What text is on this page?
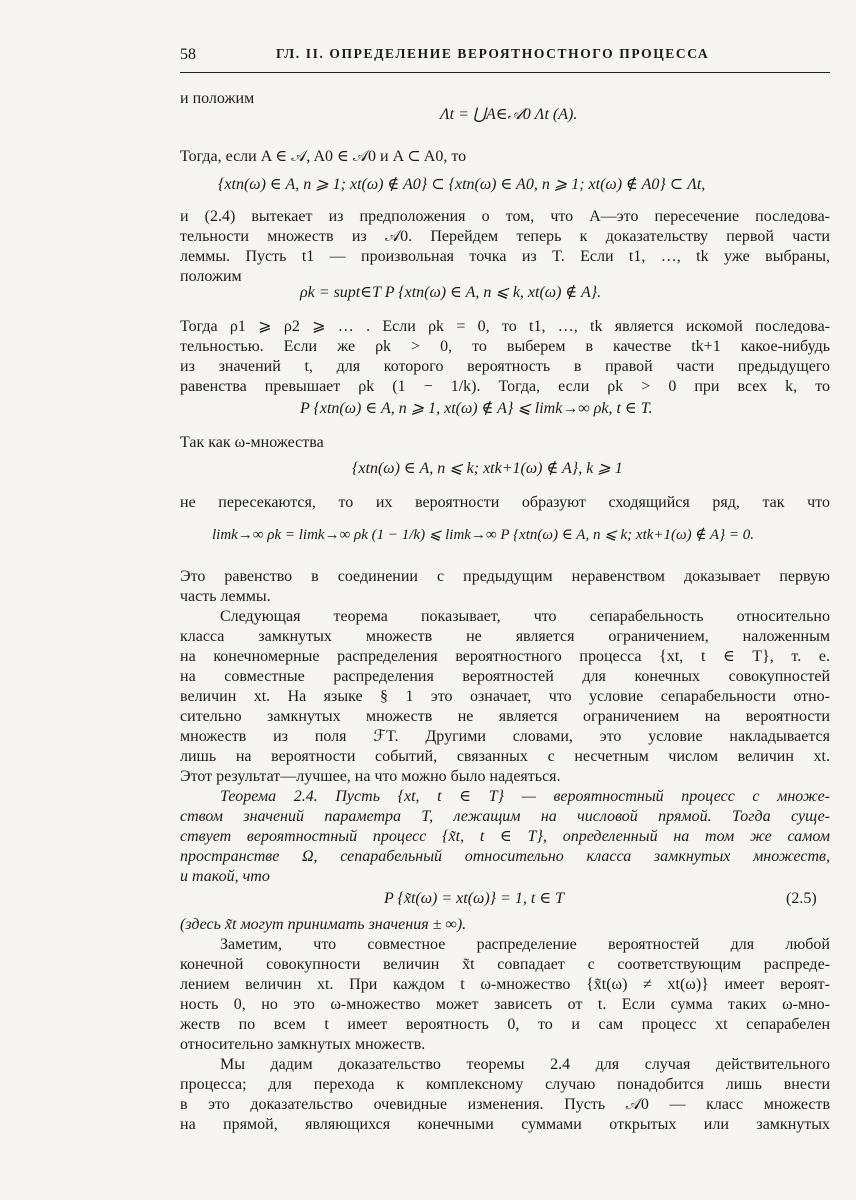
58	ГЛ. II. ОПРЕДЕЛЕНИЕ ВЕРОЯТНОСТНОГО ПРОЦЕССА
и положим
Λt = ⋃A∈𝒜0 Λt (A).
Тогда, если A ∈ 𝒜, A0 ∈ 𝒜0 и A ⊂ A0, то
{xtn(ω) ∈ A, n ⩾ 1; xt(ω) ∉ A0} ⊂ {xtn(ω) ∈ A0, n ⩾ 1; xt(ω) ∉ A0} ⊂ Λt,
и (2.4) вытекает из предположения о том, что A—это пересечение последова-
тельности множеств из 𝒜0. Перейдем теперь к доказательству первой части
леммы. Пусть t1 — произвольная точка из T. Если t1, …, tk уже выбраны,
положим
ρk = supt∈T P {xtn(ω) ∈ A, n ⩽ k, xt(ω) ∉ A}.
Тогда ρ1 ⩾ ρ2 ⩾ … . Если ρk = 0, то t1, …, tk является искомой последова-
тельностью. Если же ρk > 0, то выберем в качестве tk+1 какое-нибудь
из значений t, для которого вероятность в правой части предыдущего
равенства превышает ρk (1 − 1/k). Тогда, если ρk > 0 при всех k, то
P {xtn(ω) ∈ A, n ⩾ 1, xt(ω) ∉ A} ⩽ limk→∞ ρk, t ∈ T.
Так как ω-множества
{xtn(ω) ∈ A, n ⩽ k; xtk+1(ω) ∉ A}, k ⩾ 1
не пересекаются, то их вероятности образуют сходящийся ряд, так что
limk→∞ ρk = limk→∞ ρk (1 − 1/k) ⩽ limk→∞ P {xtn(ω) ∈ A, n ⩽ k; xtk+1(ω) ∉ A} = 0.
Это равенство в соединении с предыдущим неравенством доказывает первую
часть леммы.
Следующая теорема показывает, что сепарабельность относительно
класса замкнутых множеств не является ограничением, наложенным
на конечномерные распределения вероятностного процесса {xt, t ∈ T}, т. е.
на совместные распределения вероятностей для конечных совокупностей
величин xt. На языке § 1 это означает, что условие сепарабельности отно-
сительно замкнутых множеств не является ограничением на вероятности
множеств из поля ℱT. Другими словами, это условие накладывается
лишь на вероятности событий, связанных с несчетным числом величин xt.
Этот результат—лучшее, на что можно было надеяться.
Теорема 2.4. Пусть {xt, t ∈ T} — вероятностный процесс с множе-
ством значений параметра T, лежащим на числовой прямой. Тогда суще-
ствует вероятностный процесс {x̃t, t ∈ T}, определенный на том же самом
пространстве Ω, сепарабельный относительно класса замкнутых множеств,
и такой, что
P {x̃t(ω) = xt(ω)} = 1, t ∈ T	(2.5)
(здесь x̃t могут принимать значения ± ∞).
Заметим, что совместное распределение вероятностей для любой
конечной совокупности величин x̃t совпадает с соответствующим распреде-
лением величин xt. При каждом t ω-множество {x̃t(ω) ≠ xt(ω)} имеет вероят-
ность 0, но это ω-множество может зависеть от t. Если сумма таких ω-мно-
жеств по всем t имеет вероятность 0, то и сам процесс xt сепарабелен
относительно замкнутых множеств.
Мы дадим доказательство теоремы 2.4 для случая действительного
процесса; для перехода к комплексному случаю понадобится лишь внести
в это доказательство очевидные изменения. Пусть 𝒜0 — класс множеств
на прямой, являющихся конечными суммами открытых или замкнутых
